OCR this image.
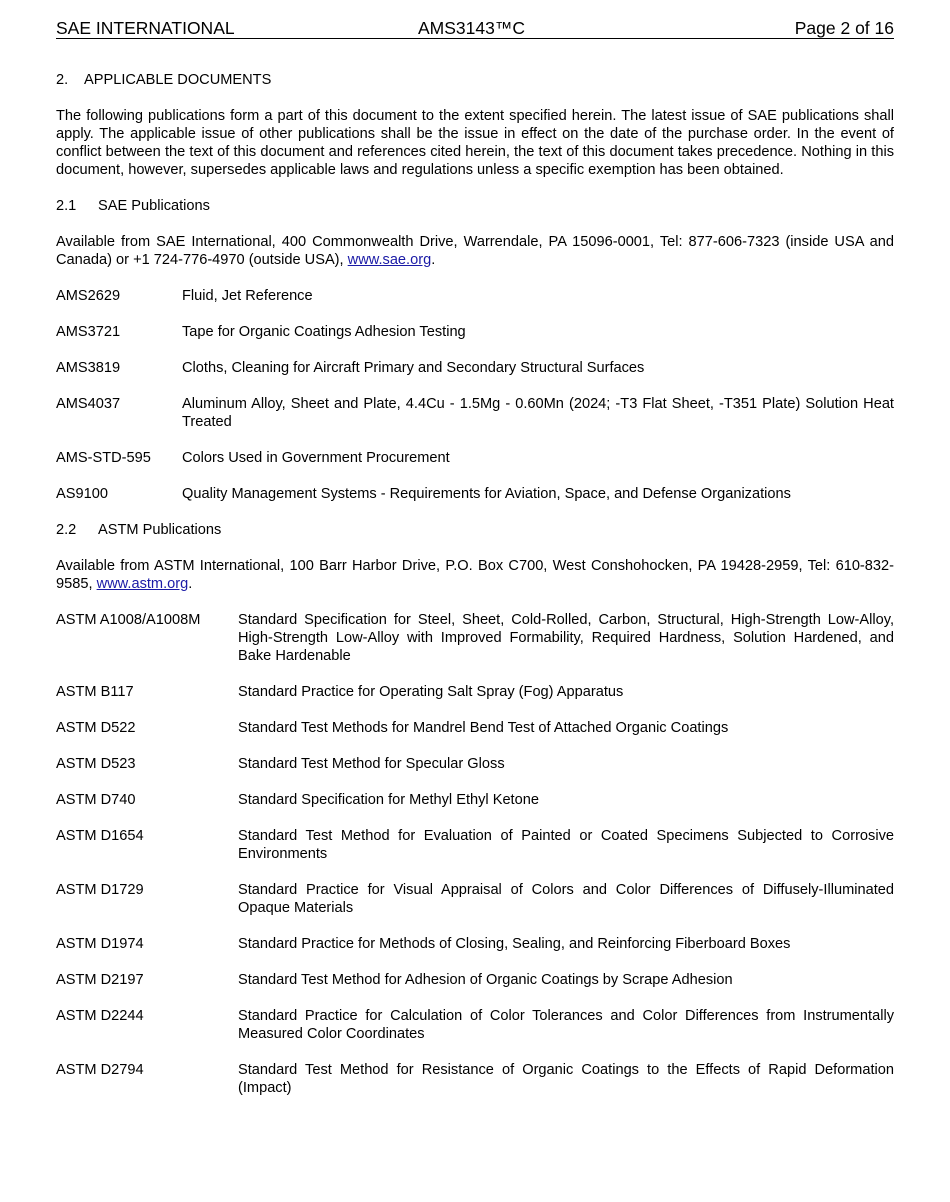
SAE INTERNATIONAL	AMS3143™C	Page 2 of 16
2. APPLICABLE DOCUMENTS

The following publications form a part of this document to the extent specified herein. The latest issue of SAE publications shall apply. The applicable issue of other publications shall be the issue in effect on the date of the purchase order. In the event of conflict between the text of this document and references cited herein, the text of this document takes precedence. Nothing in this document, however, supersedes applicable laws and regulations unless a specific exemption has been obtained.

2.1 SAE Publications

Available from SAE International, 400 Commonwealth Drive, Warrendale, PA 15096-0001, Tel: 877-606-7323 (inside USA and Canada) or +1 724-776-4970 (outside USA), www.sae.org.

AMS2629	Fluid, Jet Reference
AMS3721	Tape for Organic Coatings Adhesion Testing
AMS3819	Cloths, Cleaning for Aircraft Primary and Secondary Structural Surfaces
AMS4037	Aluminum Alloy, Sheet and Plate, 4.4Cu - 1.5Mg - 0.60Mn (2024; -T3 Flat Sheet, -T351 Plate) Solution Heat Treated
AMS-STD-595	Colors Used in Government Procurement
AS9100	Quality Management Systems - Requirements for Aviation, Space, and Defense Organizations
2.2 ASTM Publications

Available from ASTM International, 100 Barr Harbor Drive, P.O. Box C700, West Conshohocken, PA 19428-2959, Tel: 610-832-9585, www.astm.org.

ASTM A1008/A1008M	Standard Specification for Steel, Sheet, Cold-Rolled, Carbon, Structural, High-Strength Low-Alloy, High-Strength Low-Alloy with Improved Formability, Required Hardness, Solution Hardened, and Bake Hardenable
ASTM B117	Standard Practice for Operating Salt Spray (Fog) Apparatus
ASTM D522	Standard Test Methods for Mandrel Bend Test of Attached Organic Coatings
ASTM D523	Standard Test Method for Specular Gloss
ASTM D740	Standard Specification for Methyl Ethyl Ketone
ASTM D1654	Standard Test Method for Evaluation of Painted or Coated Specimens Subjected to Corrosive Environments
ASTM D1729	Standard Practice for Visual Appraisal of Colors and Color Differences of Diffusely-Illuminated Opaque Materials
ASTM D1974	Standard Practice for Methods of Closing, Sealing, and Reinforcing Fiberboard Boxes
ASTM D2197	Standard Test Method for Adhesion of Organic Coatings by Scrape Adhesion
ASTM D2244	Standard Practice for Calculation of Color Tolerances and Color Differences from Instrumentally Measured Color Coordinates
ASTM D2794	Standard Test Method for Resistance of Organic Coatings to the Effects of Rapid Deformation (Impact)
